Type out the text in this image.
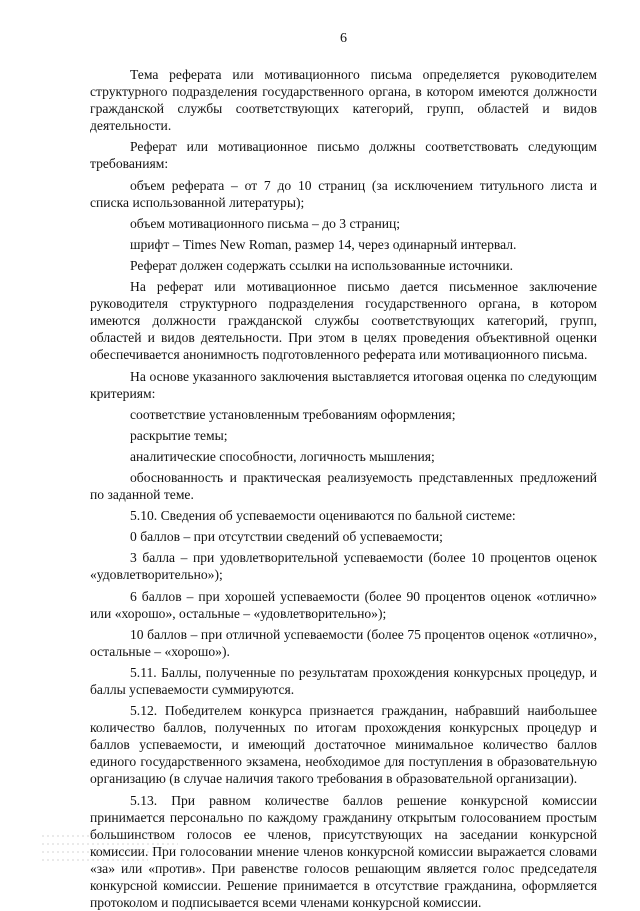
6

Тема реферата или мотивационного письма определяется руководителем структурного подразделения государственного органа, в котором имеются должности гражданской службы соответствующих категорий, групп, областей и видов деятельности.

Реферат или мотивационное письмо должны соответствовать следующим требованиям:

объем реферата – от 7 до 10 страниц (за исключением титульного листа и списка использованной литературы);

объем мотивационного письма – до 3 страниц;

шрифт – Times New Roman, размер 14, через одинарный интервал.

Реферат должен содержать ссылки на использованные источники.

На реферат или мотивационное письмо дается письменное заключение руководителя структурного подразделения государственного органа, в котором имеются должности гражданской службы соответствующих категорий, групп, областей и видов деятельности. При этом в целях проведения объективной оценки обеспечивается анонимность подготовленного реферата или мотивационного письма.

На основе указанного заключения выставляется итоговая оценка по следующим критериям:

соответствие установленным требованиям оформления;

раскрытие темы;

аналитические способности, логичность мышления;

обоснованность и практическая реализуемость представленных предложений по заданной теме.

5.10. Сведения об успеваемости оцениваются по бальной системе:

0 баллов – при отсутствии сведений об успеваемости;

3 балла – при удовлетворительной успеваемости (более 10 процентов оценок «удовлетворительно»);

6 баллов – при хорошей успеваемости (более 90 процентов оценок «отлично» или «хорошо», остальные – «удовлетворительно»);

10 баллов – при отличной успеваемости (более 75 процентов оценок «отлично», остальные – «хорошо»).

5.11. Баллы, полученные по результатам прохождения конкурсных процедур, и баллы успеваемости суммируются.

5.12. Победителем конкурса признается гражданин, набравший наибольшее количество баллов, полученных по итогам прохождения конкурсных процедур и баллов успеваемости, и имеющий достаточное минимальное количество баллов единого государственного экзамена, необходимое для поступления в образовательную организацию (в случае наличия такого требования в образовательной организации).

5.13. При равном количестве баллов решение конкурсной комиссии принимается персонально по каждому гражданину открытым голосованием простым большинством голосов ее членов, присутствующих на заседании конкурсной комиссии. При голосовании мнение членов конкурсной комиссии выражается словами «за» или «против». При равенстве голосов решающим является голос председателя конкурсной комиссии. Решение принимается в отсутствие гражданина, оформляется протоколом и подписывается всеми членами конкурсной комиссии.
